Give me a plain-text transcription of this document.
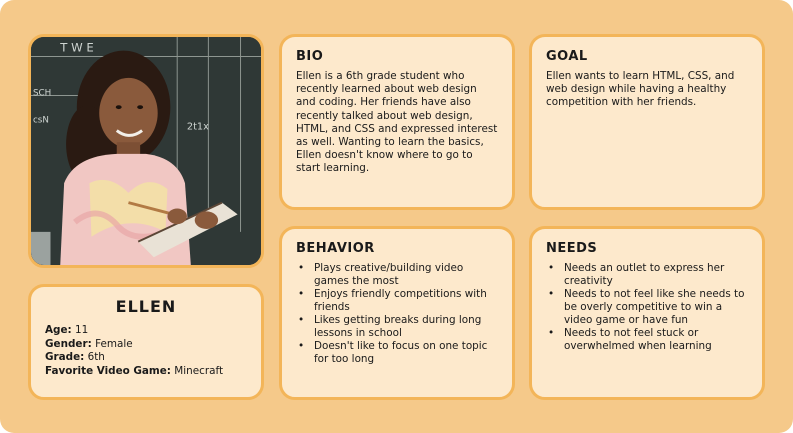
T W E
2t1x
SCH
csN
ELLEN
Age: 11
Gender: Female
Grade: 6th
Favorite Video Game: Minecraft
BIO

Ellen is a 6th grade student who recently learned about web design and coding. Her friends have also recently talked about web design, HTML, and CSS and expressed interest as well. Wanting to learn the basics, Ellen doesn't know where to go to start learning.

GOAL

Ellen wants to learn HTML, CSS, and web design while having a healthy competition with her friends.

BEHAVIOR
• Plays creative/building video games the most
• Enjoys friendly competitions with friends
• Likes getting breaks during long lessons in school
• Doesn't like to focus on one topic for too long
NEEDS
• Needs an outlet to express her creativity
• Needs to not feel like she needs to be overly competitive to win a video game or have fun
• Needs to not feel stuck or overwhelmed when learning
